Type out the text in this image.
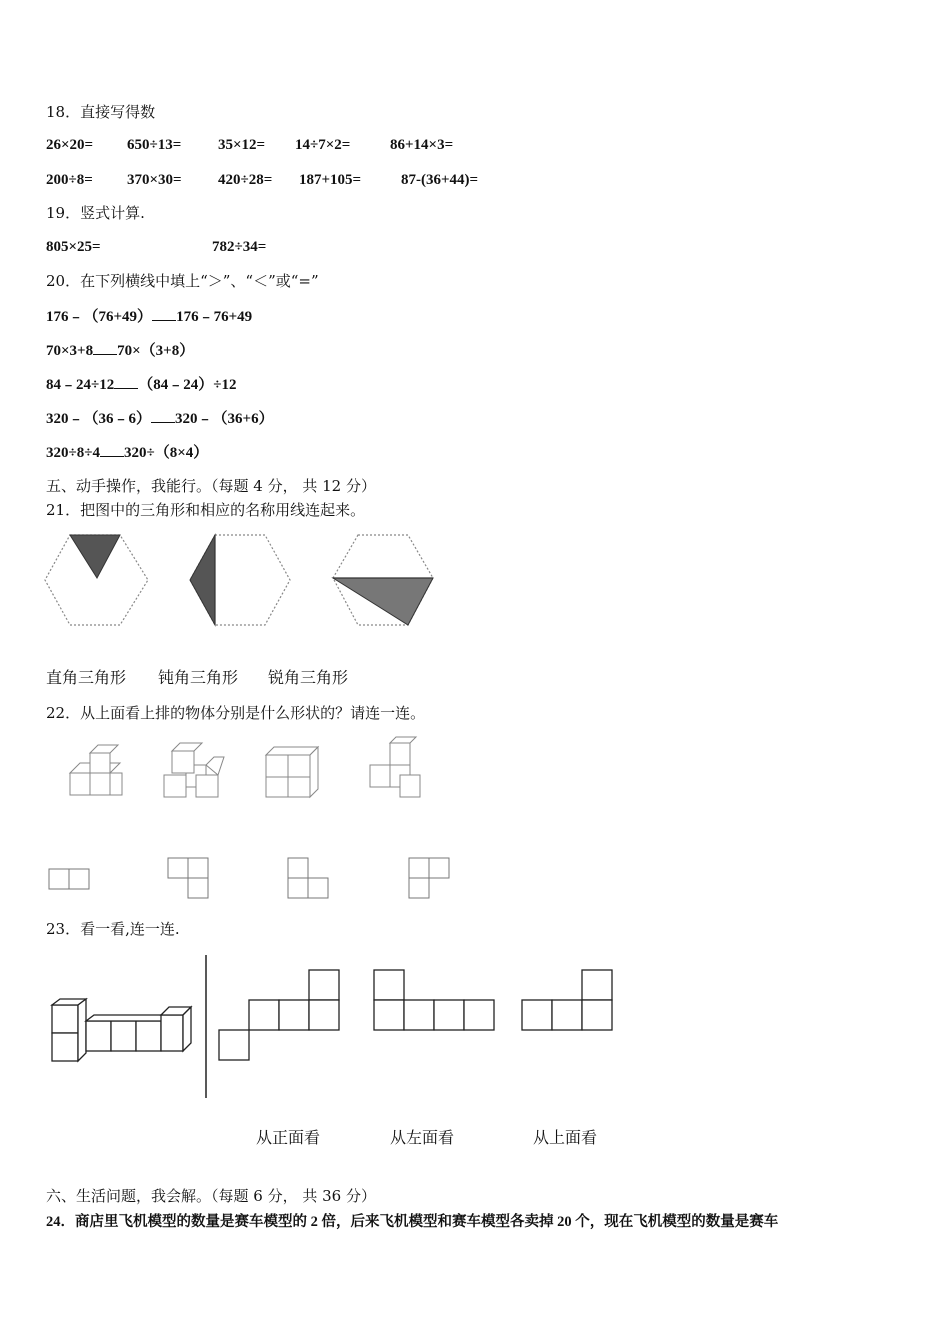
18．直接写得数
26×20= 650÷13= 35×12= 14÷7×2=	86+14×3=
200÷8= 370×30= 420÷28= 187+105=	87-(36+44)=
19．竖式计算.
805×25=	782÷34=
20．在下列横线中填上“＞”、“＜”或“=”
176﹣（76+49） 176﹣76+49
70×3+8 70×（3+8）
84﹣24÷12 （84﹣24）÷12
320﹣（36﹣6） 320﹣（36+6）
320÷8÷4 320÷（8×4）
五、动手操作，我能行。（每题 4 分， 共 12 分）
21．把图中的三角形和相应的名称用线连起来。
直角三角形 钝角三角形 锐角三角形
22．从上面看上排的物体分别是什么形状的？请连一连。
23．看一看,连一连.
从正面看	从左面看	从上面看
六、生活问题，我会解。（每题 6 分， 共 36 分）
24．商店里飞机模型的数量是赛车模型的 2 倍，后来飞机模型和赛车模型各卖掉 20 个，现在飞机模型的数量是赛车
